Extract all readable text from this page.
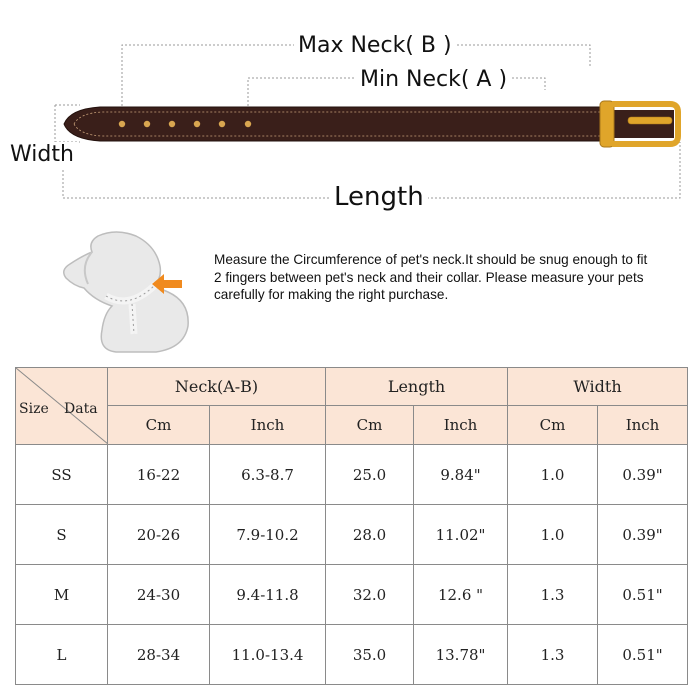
Max Neck( B )
Min Neck( A )
Width
Length
Measure the Circumference of pet's neck.It should be snug enough to fit 2 fingers between pet's neck and their collar. Please measure your pets carefully for making the right purchase.
Size Data	Neck(A-B)		Length		Width	
	Cm	Inch	Cm	Inch	Cm	Inch
SS	16-22	6.3-8.7	25.0	9.84"	1.0	0.39"
S	20-26	7.9-10.2	28.0	11.02"	1.0	0.39"
M	24-30	9.4-11.8	32.0	12.6 "	1.3	0.51"
L	28-34	11.0-13.4	35.0	13.78"	1.3	0.51"
